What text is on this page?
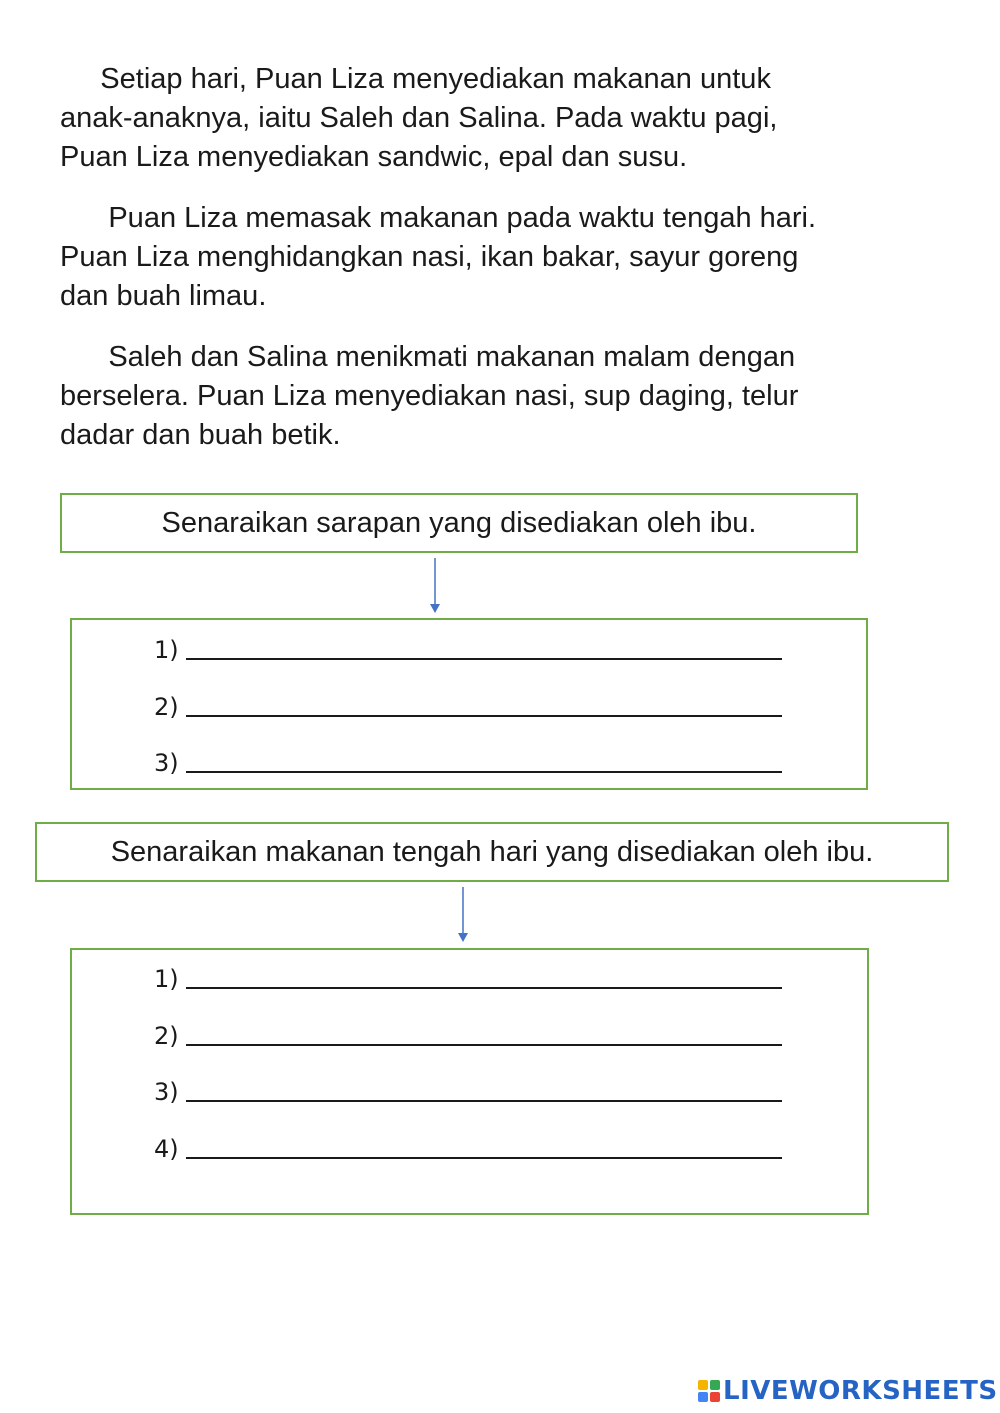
Setiap hari, Puan Liza menyediakan makanan untuk
anak-anaknya, iaitu Saleh dan Salina. Pada waktu pagi,
Puan Liza menyediakan sandwic, epal dan susu.

Puan Liza memasak makanan pada waktu tengah hari.
Puan Liza menghidangkan nasi, ikan bakar, sayur goreng
dan buah limau.

Saleh dan Salina menikmati makanan malam dengan
berselera. Puan Liza menyediakan nasi, sup daging, telur
dadar dan buah betik.

Senaraikan sarapan yang disediakan oleh ibu.
1)
2)
3)
Senaraikan makanan tengah hari yang disediakan oleh ibu.
1)
2)
3)
4)
LIVEWORKSHEETS
